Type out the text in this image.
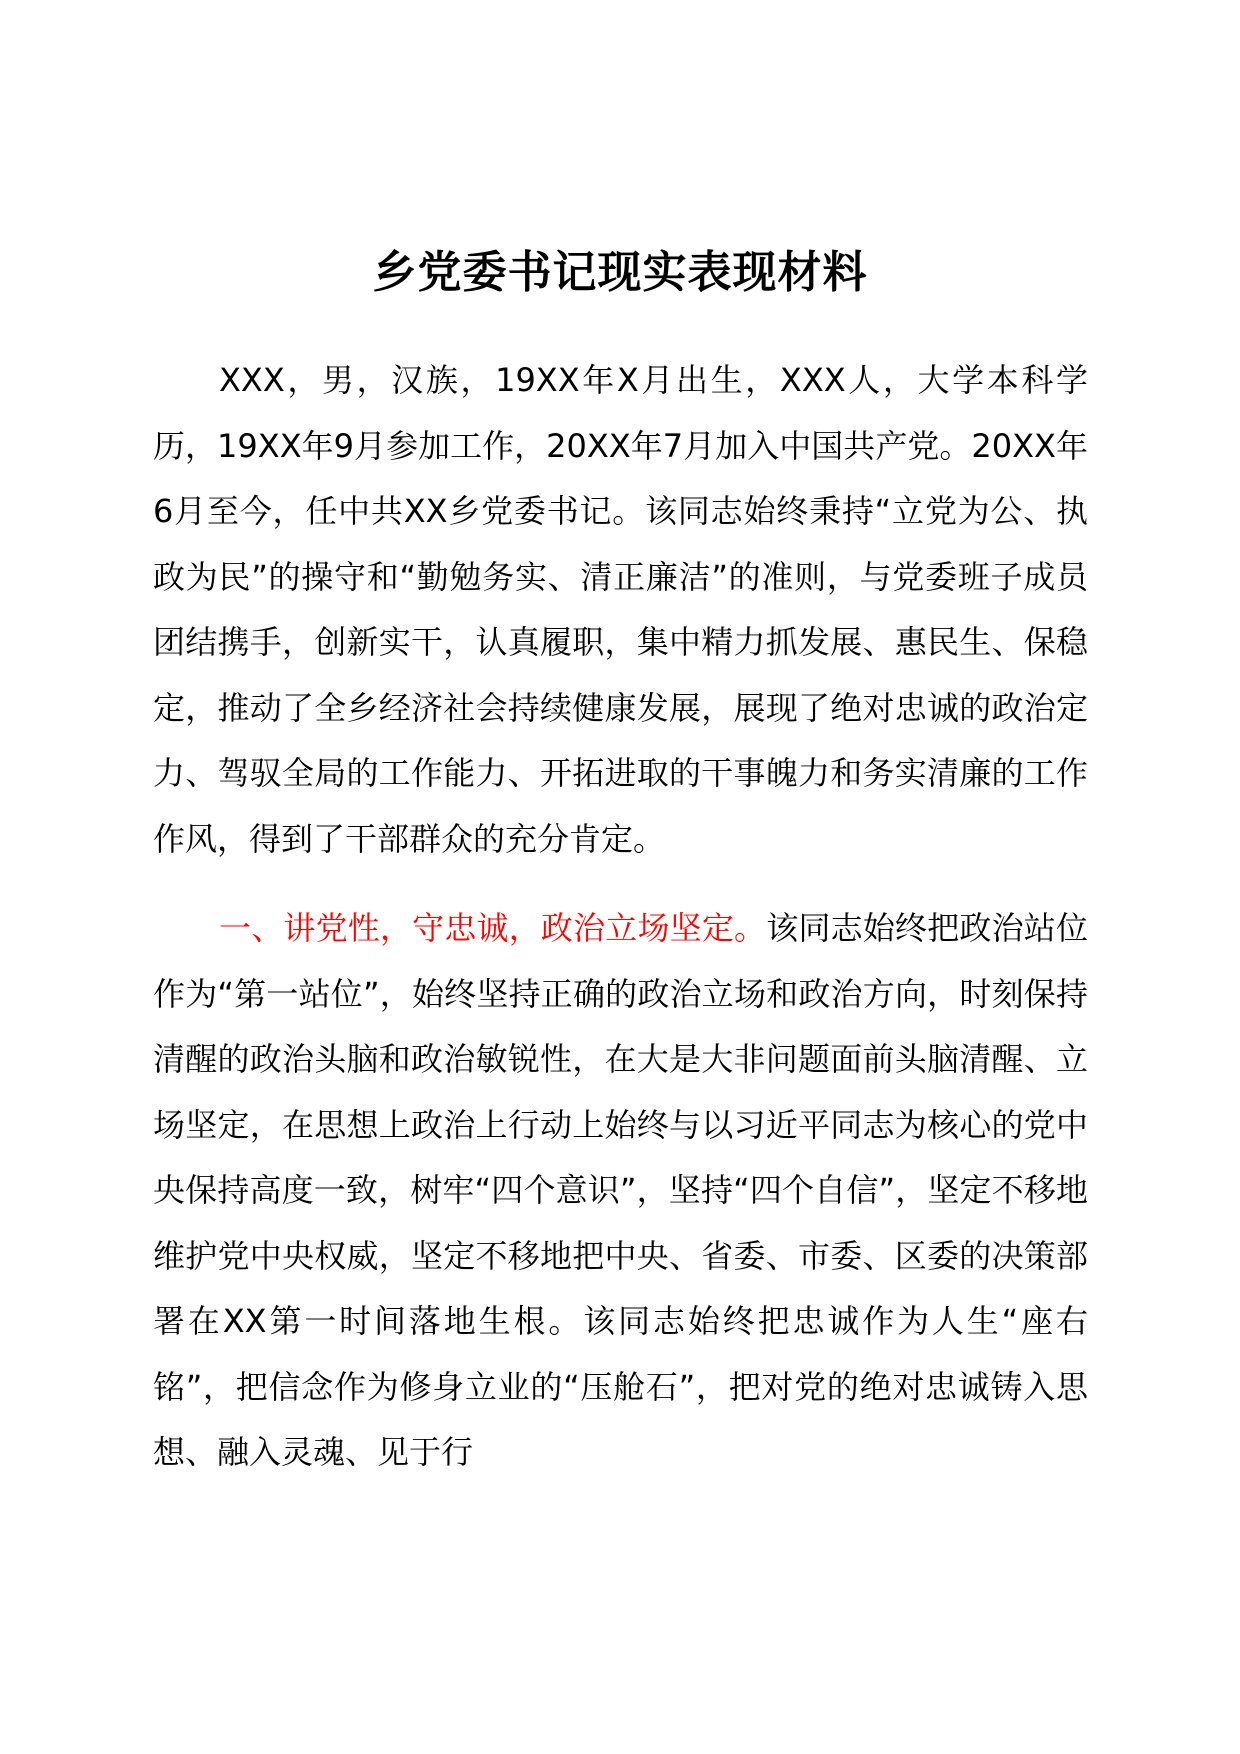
乡党委书记现实表现材料

XXX，男，汉族，19XX年X月出生，XXX人，大学本科学历，19XX年9月参加工作，20XX年7月加入中国共产党。20XX年6月至今，任中共XX乡党委书记。该同志始终秉持“立党为公、执政为民”的操守和“勤勉务实、清正廉洁”的准则，与党委班子成员团结携手，创新实干，认真履职，集中精力抓发展、惠民生、保稳定，推动了全乡经济社会持续健康发展，展现了绝对忠诚的政治定力、驾驭全局的工作能力、开拓进取的干事魄力和务实清廉的工作作风，得到了干部群众的充分肯定。

一、讲党性，守忠诚，政治立场坚定。该同志始终把政治站位作为“第一站位”，始终坚持正确的政治立场和政治方向，时刻保持清醒的政治头脑和政治敏锐性，在大是大非问题面前头脑清醒、立场坚定，在思想上政治上行动上始终与以习近平同志为核心的党中央保持高度一致，树牢“四个意识”，坚持“四个自信”，坚定不移地维护党中央权威，坚定不移地把中央、省委、市委、区委的决策部署在XX第一时间落地生根。该同志始终把忠诚作为人生“座右铭”，把信念作为修身立业的“压舱石”，把对党的绝对忠诚铸入思想、融入灵魂、见于行
